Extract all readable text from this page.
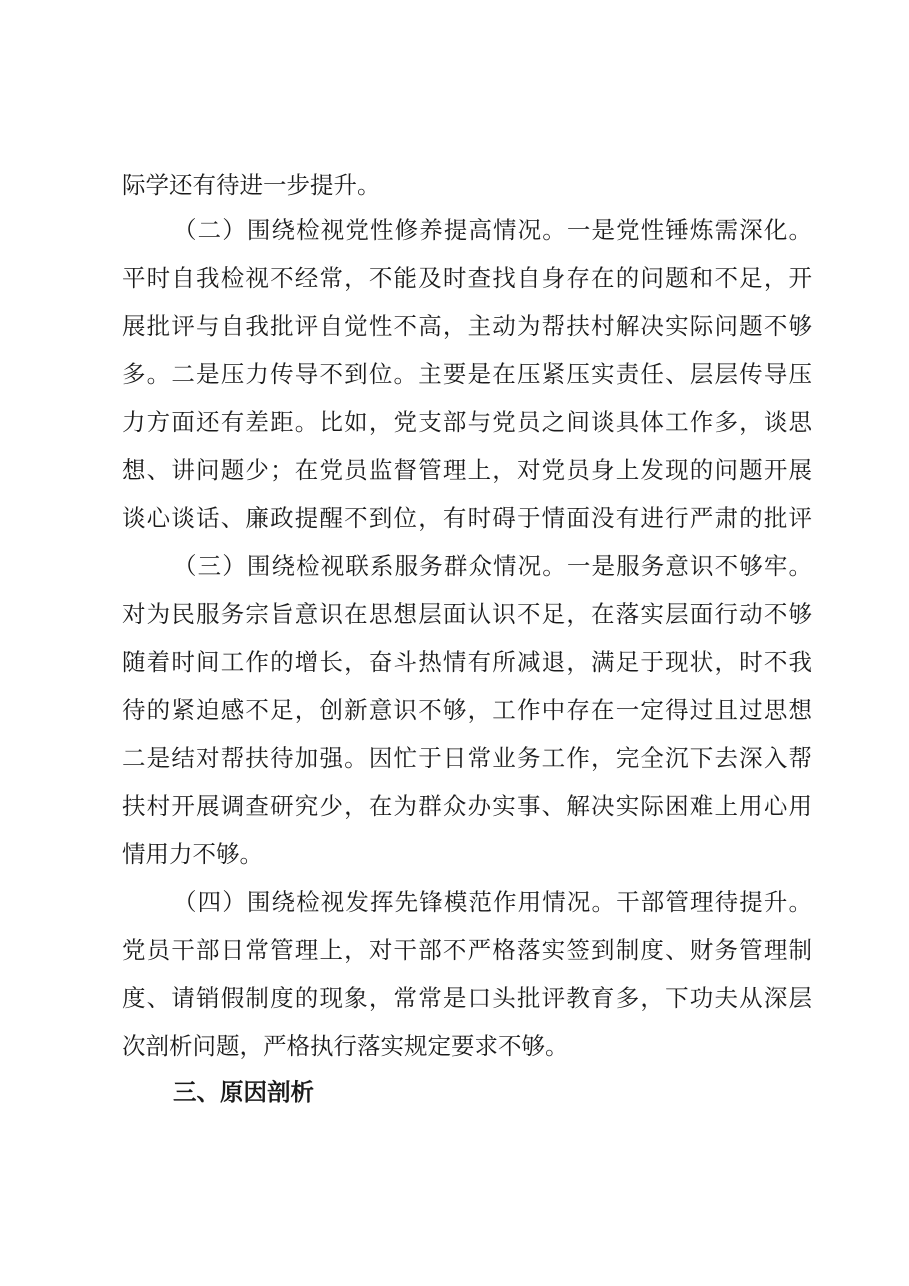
际学还有待进一步提升。
（二）围绕检视党性修养提高情况。一是党性锤炼需深化。
平时自我检视不经常，不能及时查找自身存在的问题和不足，开
展批评与自我批评自觉性不高，主动为帮扶村解决实际问题不够
多。二是压力传导不到位。主要是在压紧压实责任、层层传导压
力方面还有差距。比如，党支部与党员之间谈具体工作多，谈思
想、讲问题少；在党员监督管理上，对党员身上发现的问题开展
谈心谈话、廉政提醒不到位，有时碍于情面没有进行严肃的批评
（三）围绕检视联系服务群众情况。一是服务意识不够牢。
对为民服务宗旨意识在思想层面认识不足，在落实层面行动不够
随着时间工作的增长，奋斗热情有所减退，满足于现状，时不我
待的紧迫感不足，创新意识不够，工作中存在一定得过且过思想
二是结对帮扶待加强。因忙于日常业务工作，完全沉下去深入帮
扶村开展调查研究少，在为群众办实事、解决实际困难上用心用
情用力不够。
（四）围绕检视发挥先锋模范作用情况。干部管理待提升。
党员干部日常管理上，对干部不严格落实签到制度、财务管理制
度、请销假制度的现象，常常是口头批评教育多，下功夫从深层
次剖析问题，严格执行落实规定要求不够。
三、原因剖析
